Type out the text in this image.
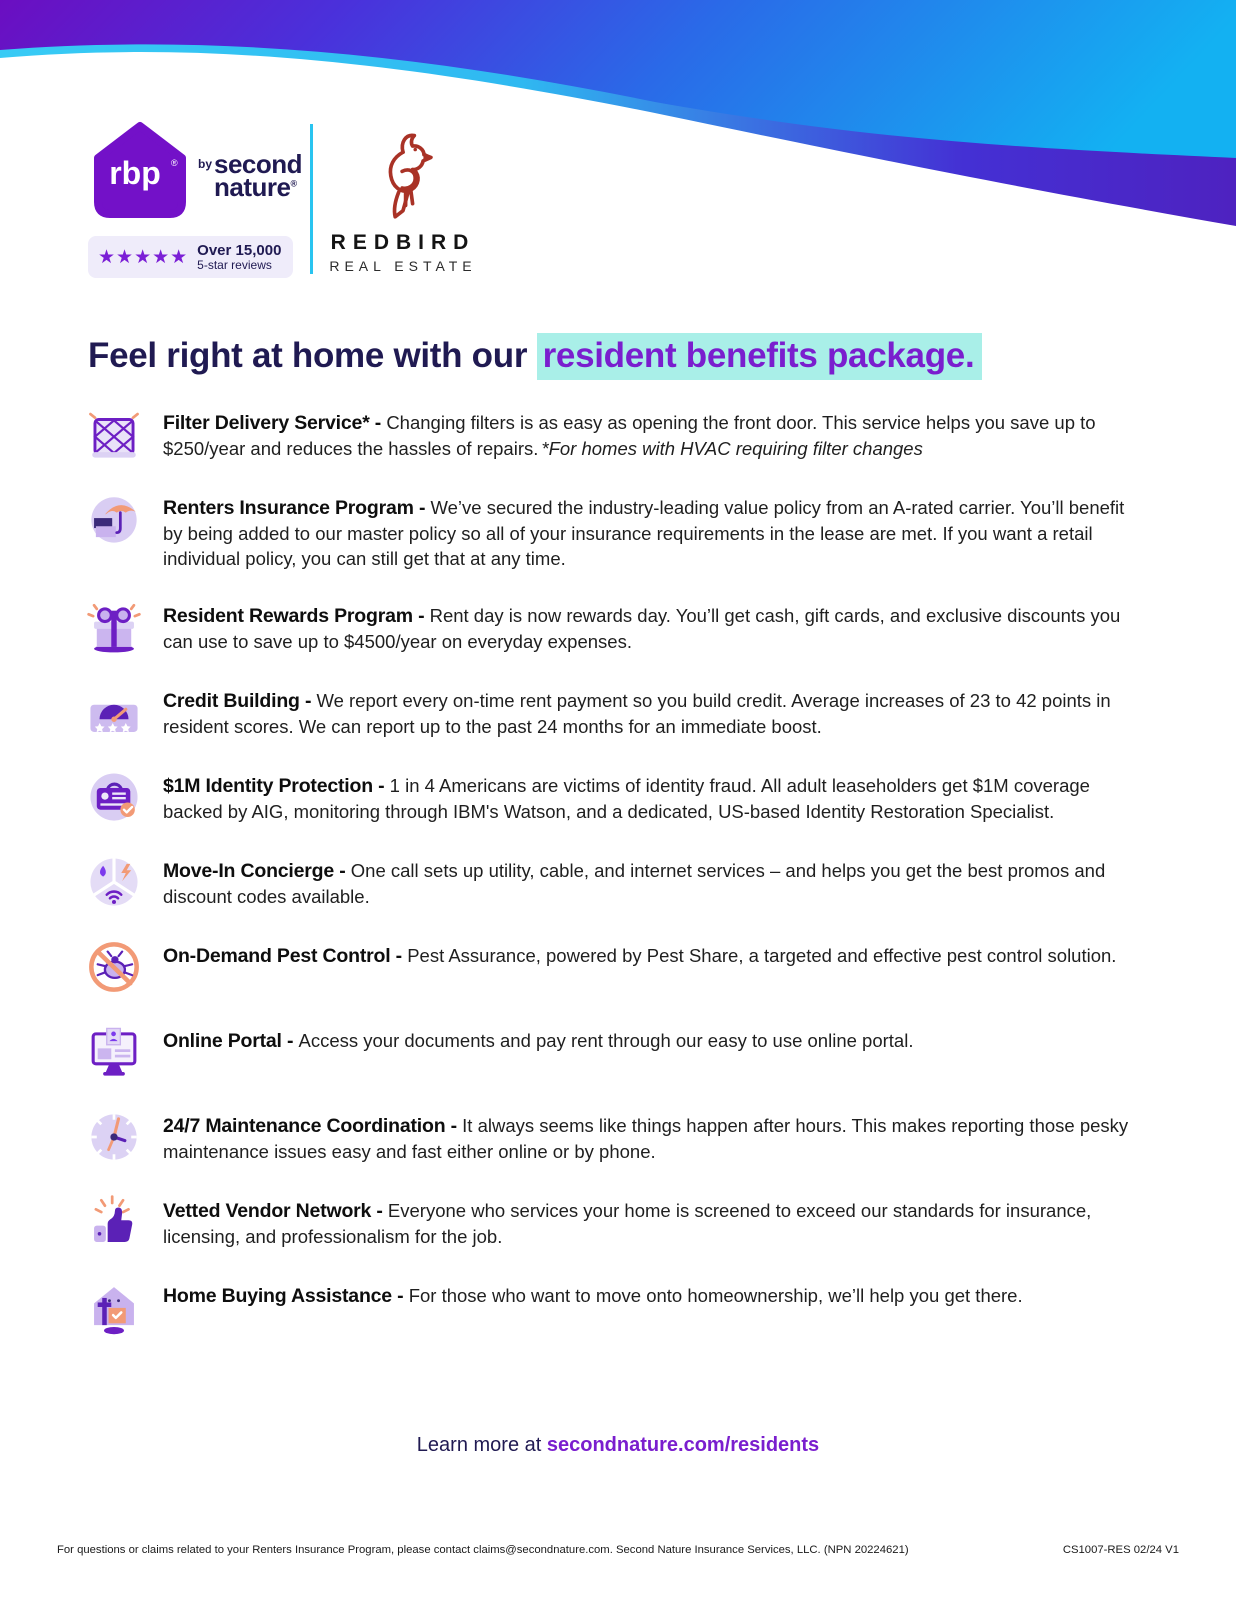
rbp ® by second
nature®
★★★★★ Over 15,000
5-star reviews
REDBIRD
REAL ESTATE
Feel right at home with our resident benefits package.

Filter Delivery Service* - Changing filters is as easy as opening the front door. This service helps you save up to $250/year and reduces the hassles of repairs. *For homes with HVAC requiring filter changes

Renters Insurance Program - We’ve secured the industry-leading value policy from an A-rated carrier. You’ll benefit by being added to our master policy so all of your insurance requirements in the lease are met. If you want a retail individual policy, you can still get that at any time.

Resident Rewards Program - Rent day is now rewards day. You’ll get cash, gift cards, and exclusive discounts you can use to save up to $4500/year on everyday expenses.

Credit Building - We report every on-time rent payment so you build credit. Average increases of 23 to 42 points in resident scores. We can report up to the past 24 months for an immediate boost.

$1M Identity Protection - 1 in 4 Americans are victims of identity fraud. All adult leaseholders get $1M coverage backed by AIG, monitoring through IBM's Watson, and a dedicated, US-based Identity Restoration Specialist.

Move-In Concierge - One call sets up utility, cable, and internet services – and helps you get the best promos and discount codes available.

On-Demand Pest Control - Pest Assurance, powered by Pest Share, a targeted and effective pest control solution.

Online Portal - Access your documents and pay rent through our easy to use online portal.

24/7 Maintenance Coordination - It always seems like things happen after hours. This makes reporting those pesky maintenance issues easy and fast either online or by phone.

Vetted Vendor Network - Everyone who services your home is screened to exceed our standards for insurance, licensing, and professionalism for the job.

Home Buying Assistance - For those who want to move onto homeownership, we’ll help you get there.

Learn more at secondnature.com/residents
For questions or claims related to your Renters Insurance Program, please contact claims@secondnature.com. Second Nature Insurance Services, LLC. (NPN 20224621)	CS1007-RES 02/24 V1
